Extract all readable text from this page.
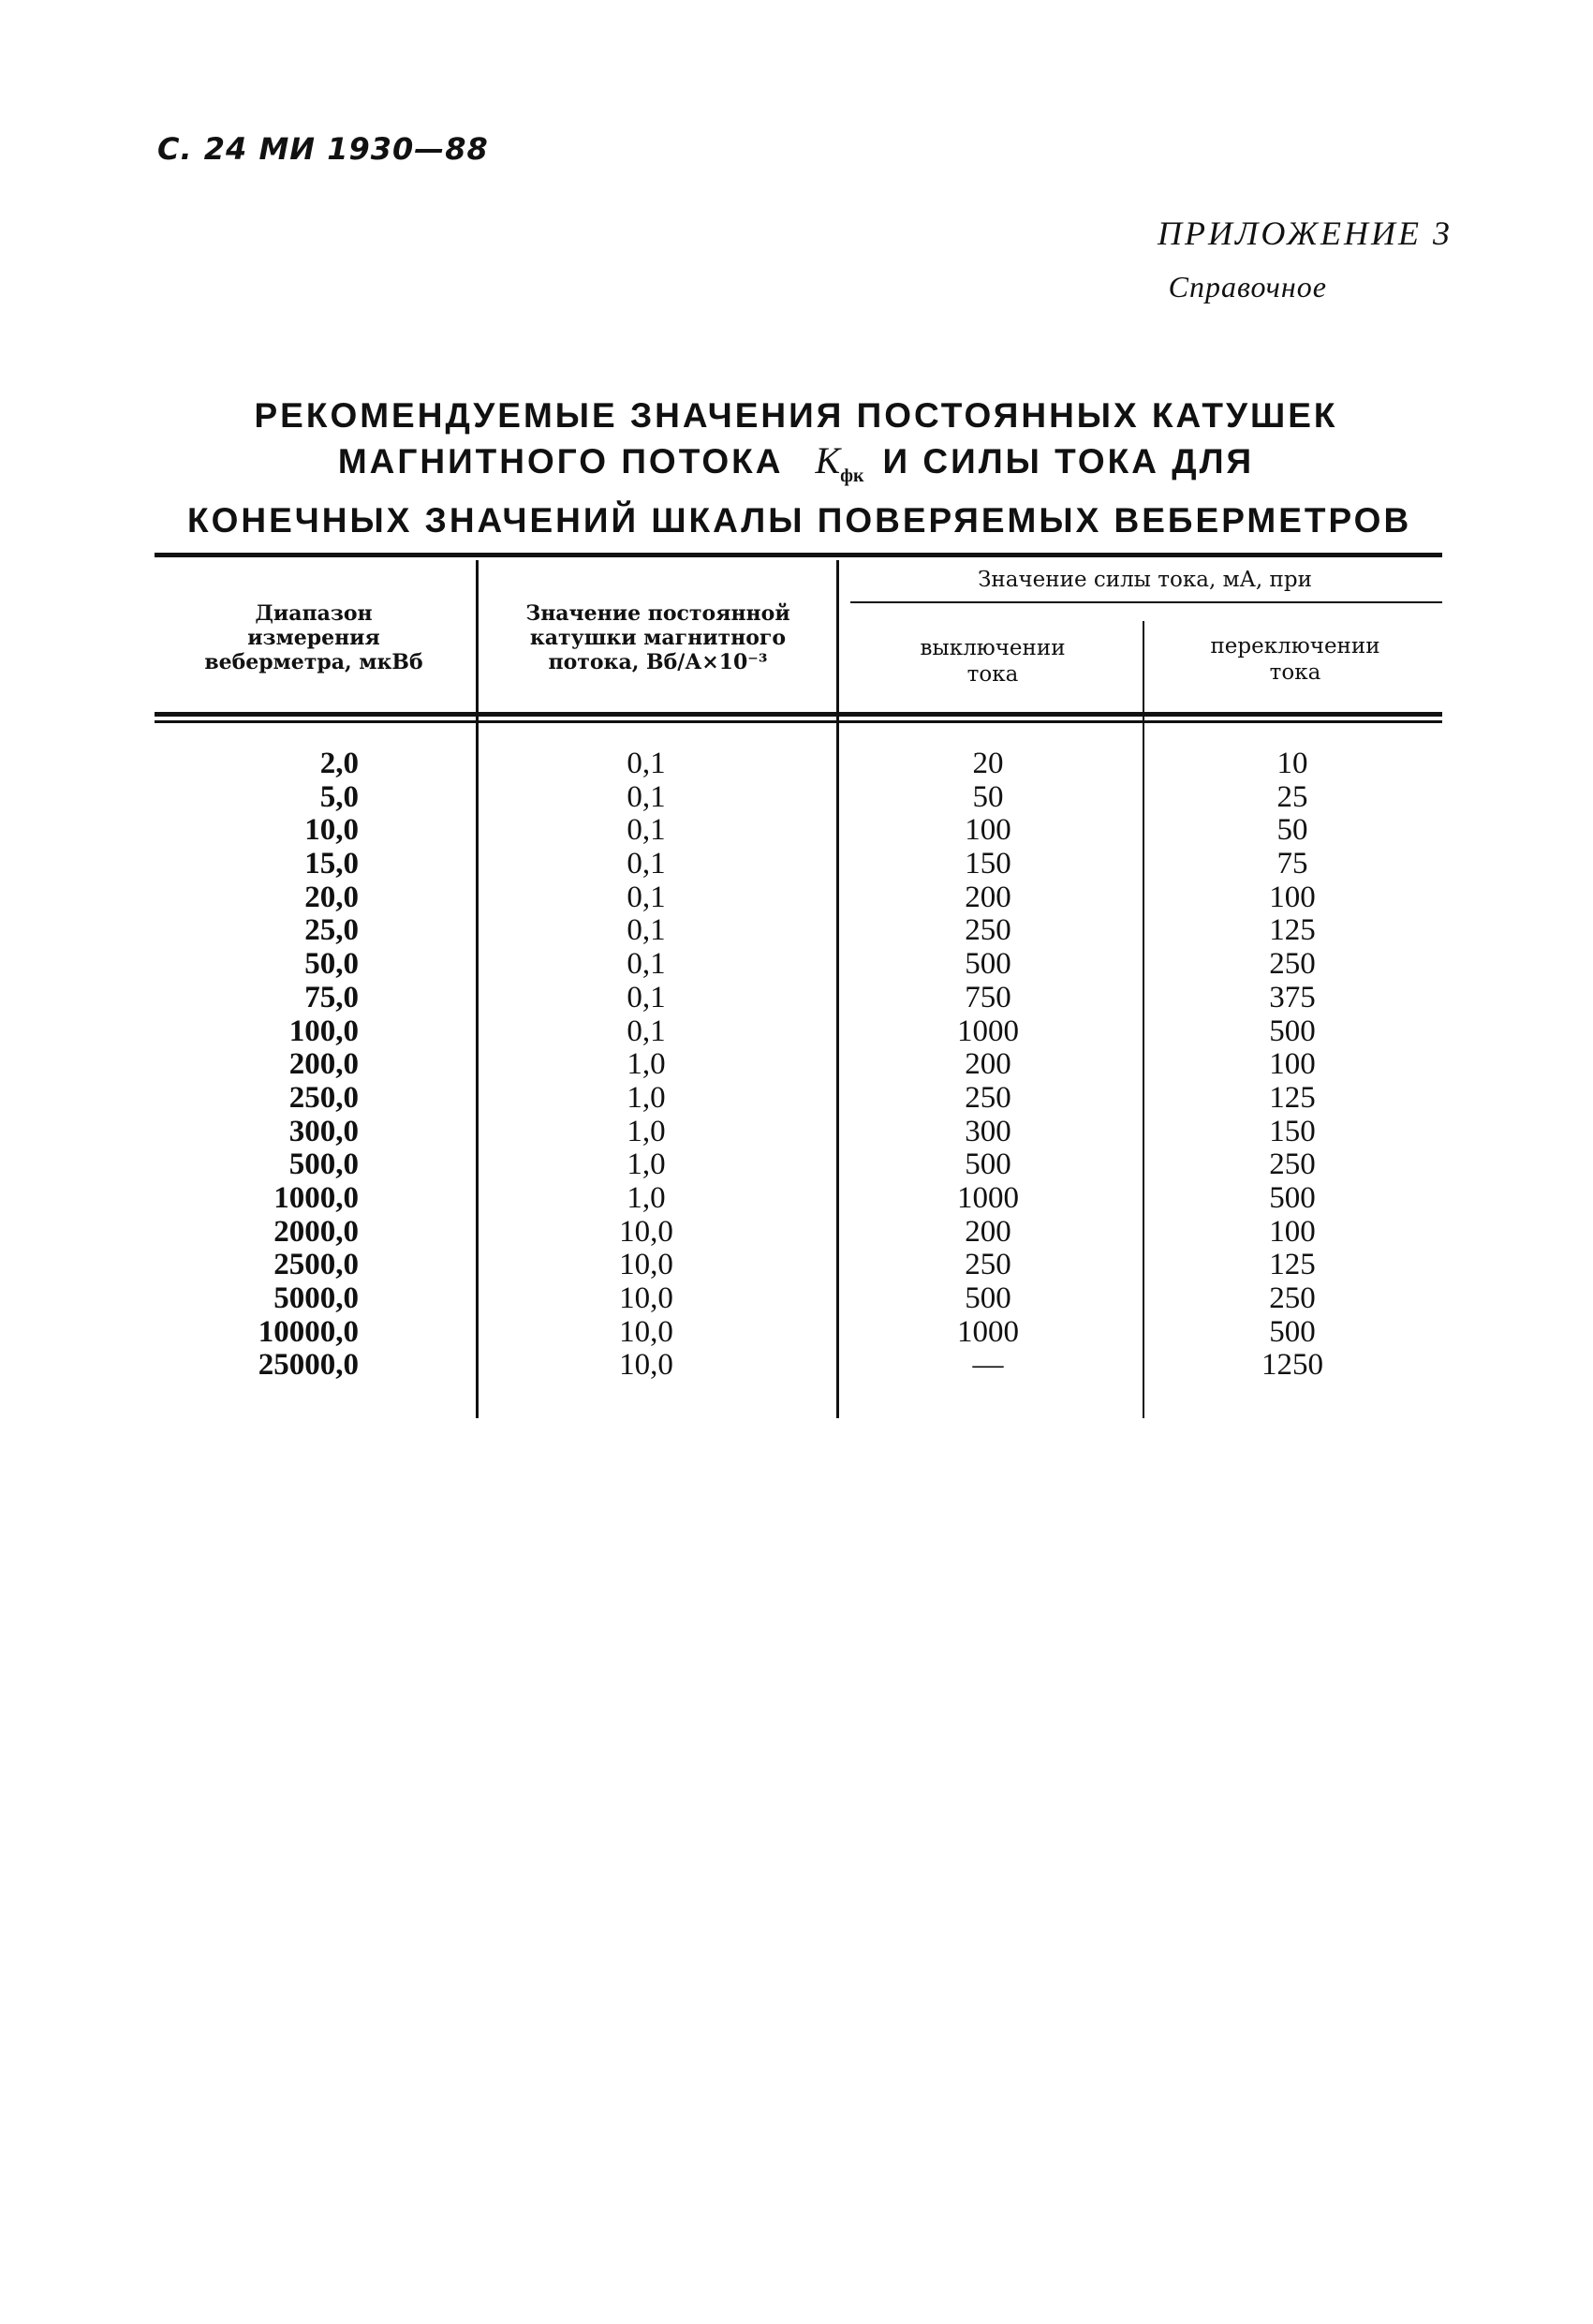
С. 24 МИ 1930—88
ПРИЛОЖЕНИЕ 3
Справочное
РЕКОМЕНДУЕМЫЕ ЗНАЧЕНИЯ ПОСТОЯННЫХ КАТУШЕК
МАГНИТНОГО ПОТОКА $K_{фк}$ И СИЛЫ ТОКА ДЛЯ
КОНЕЧНЫХ ЗНАЧЕНИЙ ШКАЛЫ ПОВЕРЯЕМЫХ ВЕБЕРМЕТРОВ
Диапазон
измерения
веберметра, мкВб
Значение постоянной
катушки магнитного
потока, Вб/А×10⁻³
Значение силы тока, мА, при
выключении
тока
переключении
тока
2,0
5,0
10,0
15,0
20,0
25,0
50,0
75,0
100,0
200,0
250,0
300,0
500,0
1000,0
2000,0
2500,0
5000,0
10000,0
25000,0
0,1
0,1
0,1
0,1
0,1
0,1
0,1
0,1
0,1
1,0
1,0
1,0
1,0
1,0
10,0
10,0
10,0
10,0
10,0
20
50
100
150
200
250
500
750
1000
200
250
300
500
1000
200
250
500
1000
—
10
25
50
75
100
125
250
375
500
100
125
150
250
500
100
125
250
500
1250
